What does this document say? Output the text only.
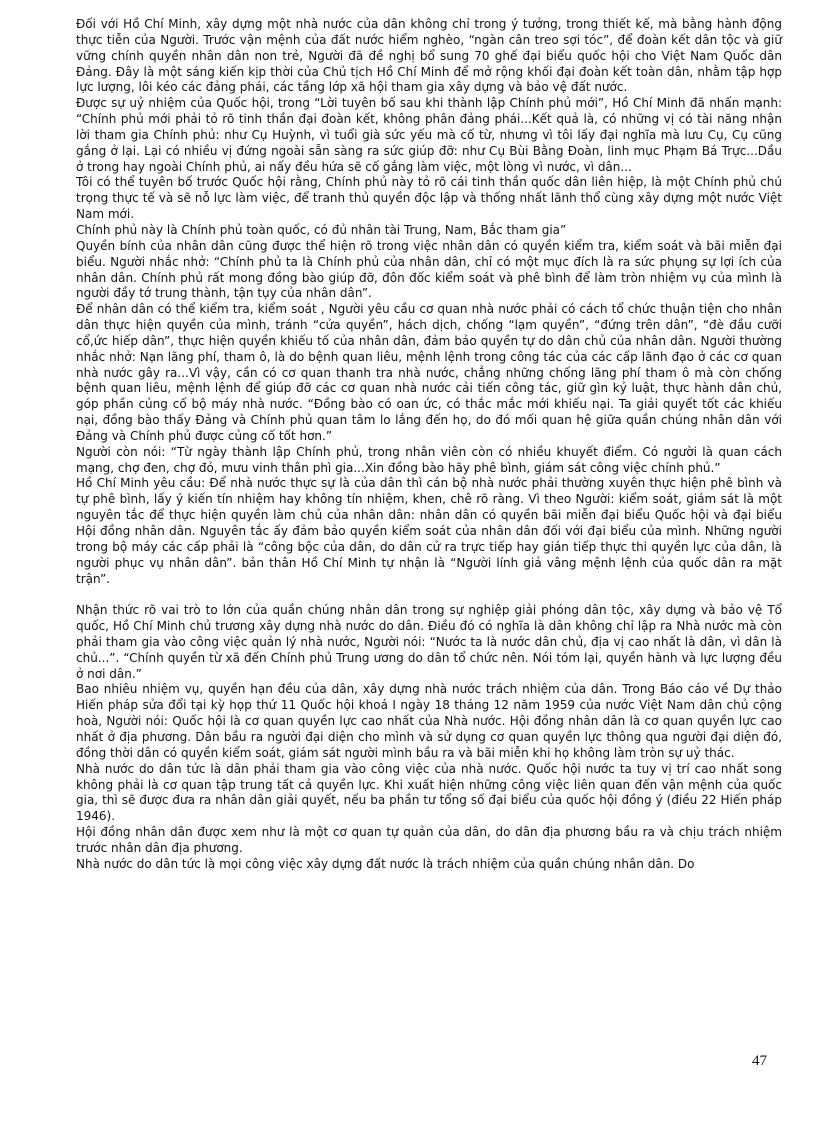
Đối với Hồ Chí Minh, xây dựng một nhà nước của dân không chỉ trong ý tưởng, trong thiết kế, mà bằng hành động thực tiễn của Người. Trước vận mệnh của đất nước hiểm nghèo, “ngàn cân treo sợi tóc”, để đoàn kết dân tộc và giữ vững chính quyền nhân dân non trẻ, Người đã đề nghị bổ sung 70 ghế đại biểu quốc hội cho Việt Nam Quốc dân Đảng. Đây là một sáng kiến kịp thời của Chủ tịch Hồ Chí Minh để mở rộng khối đại đoàn kết toàn dân, nhằm tập hợp lực lượng, lôi kéo các đảng phái, các tầng lớp xã hội tham gia xây dựng và bảo vệ đất nước.

Được sự uỷ nhiệm của Quốc hội, trong “Lời tuyên bố sau khi thành lập Chính phủ mới”, Hồ Chí Minh đã nhấn mạnh: “Chính phủ mới phải tỏ rõ tinh thần đại đoàn kết, không phân đảng phái...Kết quả là, có những vị có tài năng nhận lời tham gia Chính phủ: như Cụ Huỳnh, vì tuổi già sức yếu mà cố từ, nhưng vì tôi lấy đại nghĩa mà lưu Cụ, Cụ cũng gắng ở lại. Lại có nhiều vị đứng ngoài sẵn sàng ra sức giúp đỡ: như Cụ Bùi Bằng Đoàn, linh mục Phạm Bá Trực...Dầu ở trong hay ngoài Chính phủ, ai nấy đều hứa sẽ cố gắng làm việc, một lòng vì nước, vì dân...

Tôi có thể tuyên bố trước Quốc hội rằng, Chính phủ này tỏ rõ cái tinh thần quốc dân liên hiệp, là một Chính phủ chú trọng thực tế và sẽ nỗ lực làm việc, để tranh thủ quyền độc lập và thống nhất lãnh thổ cùng xây dựng một nước Việt Nam mới.

Chính phủ này là Chính phủ toàn quốc, có đủ nhân tài Trung, Nam, Bắc tham gia”

Quyền bính của nhân dân cũng được thể hiện rõ trong việc nhân dân có quyền kiểm tra, kiểm soát và bãi miễn đại biểu. Người nhắc nhở: “Chính phủ ta là Chính phủ của nhân dân, chỉ có một mục đích là ra sức phụng sự lợi ích của nhân dân. Chính phủ rất mong đồng bào giúp đỡ, đôn đốc kiểm soát và phê bình để làm tròn nhiệm vụ của mình là người đầy tớ trung thành, tận tụy của nhân dân”.

Để nhân dân có thể kiểm tra, kiểm soát , Người yêu cầu cơ quan nhà nước phải có cách tổ chức thuận tiện cho nhân dân thực hiện quyền của mình, tránh “cửa quyền”, hách dịch, chống “lạm quyền”, “đứng trên dân”, “đè đầu cưỡi cổ,ức hiếp dân”, thực hiện quyền khiếu tố của nhân dân, đảm bảo quyền tự do dân chủ của nhân dân. Người thường nhắc nhở: Nạn lãng phí, tham ô, là do bệnh quan liêu, mệnh lệnh trong công tác của các cấp lãnh đạo ở các cơ quan nhà nước gây ra...Vì vậy, cần có cơ quan thanh tra nhà nước, chẳng những chống lãng phí tham ô mà còn chống bệnh quan liêu, mệnh lệnh để giúp đỡ các cơ quan nhà nước cải tiến công tác, giữ gìn kỷ luật, thực hành dân chủ, góp phần củng cố bộ máy nhà nước. “Đồng bào có oan ức, có thắc mắc mới khiếu nại. Ta giải quyết tốt các khiếu nại, đồng bào thấy Đảng và Chính phủ quan tâm lo lắng đến họ, do đó mối quan hệ giữa quần chúng nhân dân với Đảng và Chính phủ được củng cố tốt hơn.”

Người còn nói: “Từ ngày thành lập Chính phủ, trong nhân viên còn có nhiều khuyết điểm. Có người là quan cách mạng, chợ đen, chợ đỏ, mưu vinh thân phì gia...Xin đồng bào hãy phê bình, giám sát công việc chính phủ.”

Hồ Chí Minh yêu cầu: Để nhà nước thực sự là của dân thì cán bộ nhà nước phải thường xuyên thực hiện phê bình và tự phê bình, lấy ý kiến tín nhiệm hay không tín nhiệm, khen, chê rõ ràng. Vì theo Người: kiểm soát, giám sát là một nguyên tắc để thực hiện quyền làm chủ của nhân dân: nhân dân có quyền bãi miễn đại biểu Quốc hội và đại biểu Hội đồng nhân dân. Nguyên tắc ấy đảm bảo quyền kiểm soát của nhân dân đối với đại biểu của mình. Những người trong bộ máy các cấp phải là “công bộc của dân, do dân cử ra trực tiếp hay gián tiếp thực thi quyền lực của dân, là người phục vụ nhân dân”. bản thân Hồ Chí Minh tự nhận là “Người lính giả vâng mệnh lệnh của quốc dân ra mặt trận”.

Nhận thức rõ vai trò to lớn của quần chúng nhân dân trong sự nghiệp giải phóng dân tộc, xây dựng và bảo vệ Tổ quốc, Hồ Chí Minh chủ trương xây dựng nhà nước do dân. Điều đó có nghĩa là dân không chỉ lập ra Nhà nước mà còn phải tham gia vào công việc quản lý nhà nước, Người nói: “Nước ta là nước dân chủ, địa vị cao nhất là dân, vì dân là chủ...”. “Chính quyền từ xã đến Chính phủ Trung ương do dân tổ chức nên. Nói tóm lại, quyền hành và lực lượng đều ở nơi dân.”

Bao nhiêu nhiệm vụ, quyền hạn đều của dân, xây dựng nhà nước trách nhiệm của dân. Trong Báo cáo về Dự thảo Hiến pháp sửa đổi tại kỳ họp thứ 11 Quốc hội khoá I ngày 18 tháng 12 năm 1959 của nước Việt Nam dân chủ cộng hoà, Người nói: Quốc hội là cơ quan quyền lực cao nhất của Nhà nước. Hội đồng nhân dân là cơ quan quyền lực cao nhất ở địa phương. Dân bầu ra người đại diện cho mình và sử dụng cơ quan quyền lực thông qua người đại diện đó, đồng thời dân có quyền kiểm soát, giám sát người mình bầu ra và bãi miễn khi họ không làm tròn sự uỷ thác.

Nhà nước do dân tức là dân phải tham gia vào công việc của nhà nước. Quốc hội nước ta tuy vị trí cao nhất song không phải là cơ quan tập trung tất cả quyền lực. Khi xuất hiện những công việc liên quan đến vận mệnh của quốc gia, thì sẽ được đưa ra nhân dân giải quyết, nếu ba phần tư tổng số đại biểu của quốc hội đồng ý (điều 22 Hiến pháp 1946).

Hội đồng nhân dân được xem như là một cơ quan tự quản của dân, do dân địa phương bầu ra và chịu trách nhiệm trước nhân dân địa phương.

Nhà nước do dân tức là mọi công việc xây dựng đất nước là trách nhiệm của quần chúng nhân dân. Do

47
